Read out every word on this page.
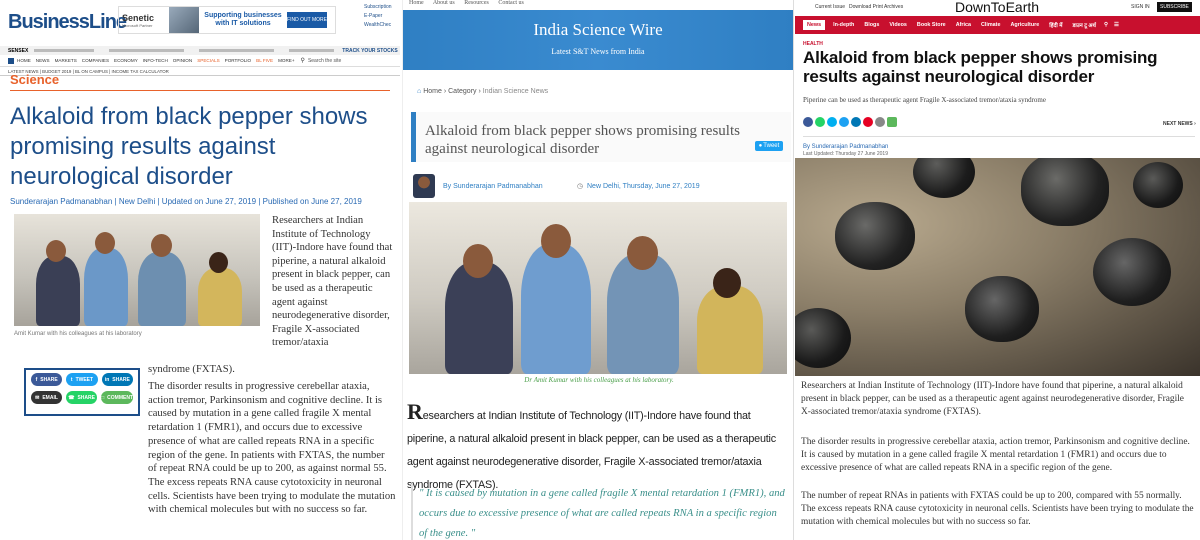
BusinessLine
Senetic
Microsoft Partner
Supporting businesses with IT solutions	FIND OUT MORE
Subscription
E-Paper
WealthChec
SENSEX	TRACK YOUR STOCKS
HOME NEWS MARKETS COMPANIES ECONOMY INFO-TECH OPINION SPECIALS PORTFOLIO BL FIVE MORE+ ⚲ Search the site
LATEST NEWS | BUDGET 2019 | BL ON CAMPUS | INCOME TAX CALCULATOR
Science
Alkaloid from black pepper shows promising results against neurological disorder
Sunderarajan Padmanabhan | New Delhi | Updated on June 27, 2019 | Published on June 27, 2019
Amit Kumar with his colleagues at his laboratory

Researchers at Indian Institute of Technology (IIT)-Indore have found that piperine, a natural alkaloid present in black pepper, can be used as a therapeutic agent against neurodegenerative disorder, Fragile X-associated tremor/ataxia

syndrome (FXTAS).

f SHARE	t TWEET in SHARE
✉ EMAIL ☎ SHARE □ COMMENT

The disorder results in progressive cerebellar ataxia, action tremor, Parkinsonism and cognitive decline. It is caused by mutation in a gene called fragile X mental retardation 1 (FMR1), and occurs due to excessive presence of what are called repeats RNA in a specific region of the gene. In patients with FXTAS, the number of repeat RNA could be up to 200, as against normal 55. The excess repeats RNA cause cytotoxicity in neuronal cells. Scientists have been trying to modulate the mutation with chemical molecules but with no success so far.

Home About us Resources Contact us
India Science Wire
Latest S&T News from India
⌂ Home › Category › Indian Science News
Alkaloid from black pepper shows promising results against neurological disorder	● Tweet
By Sunderarajan Padmanabhan	◷ New Delhi, Thursday, June 27, 2019
Dr Amit Kumar with his colleagues at his laboratory.

Researchers at Indian Institute of Technology (IIT)-Indore have found that piperine, a natural alkaloid present in black pepper, can be used as a therapeutic agent against neurodegenerative disorder, Fragile X-associated tremor/ataxia syndrome (FXTAS).

" It is caused by mutation in a gene called fragile X mental retardation 1 (FMR1), and occurs due to excessive presence of what are called repeats RNA in a specific region of the gene. "

Current Issue Download Print Archives	DownToEarth	SIGN IN	SUBSCRIBE
News	In-depth Blogs Videos Book Store Africa Climate Agriculture हिंदी में डाउन टू अर्थ ⚲ ☰
HEALTH
Alkaloid from black pepper shows promising results against neurological disorder
Piperine can be used as therapeutic agent Fragile X-associated tremor/ataxia syndrome
NEXT NEWS ›
By Sunderarajan Padmanabhan
Last Updated: Thursday 27 June 2019

Researchers at Indian Institute of Technology (IIT)-Indore have found that piperine, a natural alkaloid present in black pepper, can be used as a therapeutic agent against neurodegenerative disorder, Fragile X-associated tremor/ataxia syndrome (FXTAS).

The disorder results in progressive cerebellar ataxia, action tremor, Parkinsonism and cognitive decline. It is caused by mutation in a gene called fragile X mental retardation 1 (FMR1) and occurs due to excessive presence of what are called repeats RNA in a specific region of the gene.

The number of repeat RNAs in patients with FXTAS could be up to 200, compared with 55 normally. The excess repeats RNA cause cytotoxicity in neuronal cells. Scientists have been trying to modulate the mutation with chemical molecules but with no success so far.
